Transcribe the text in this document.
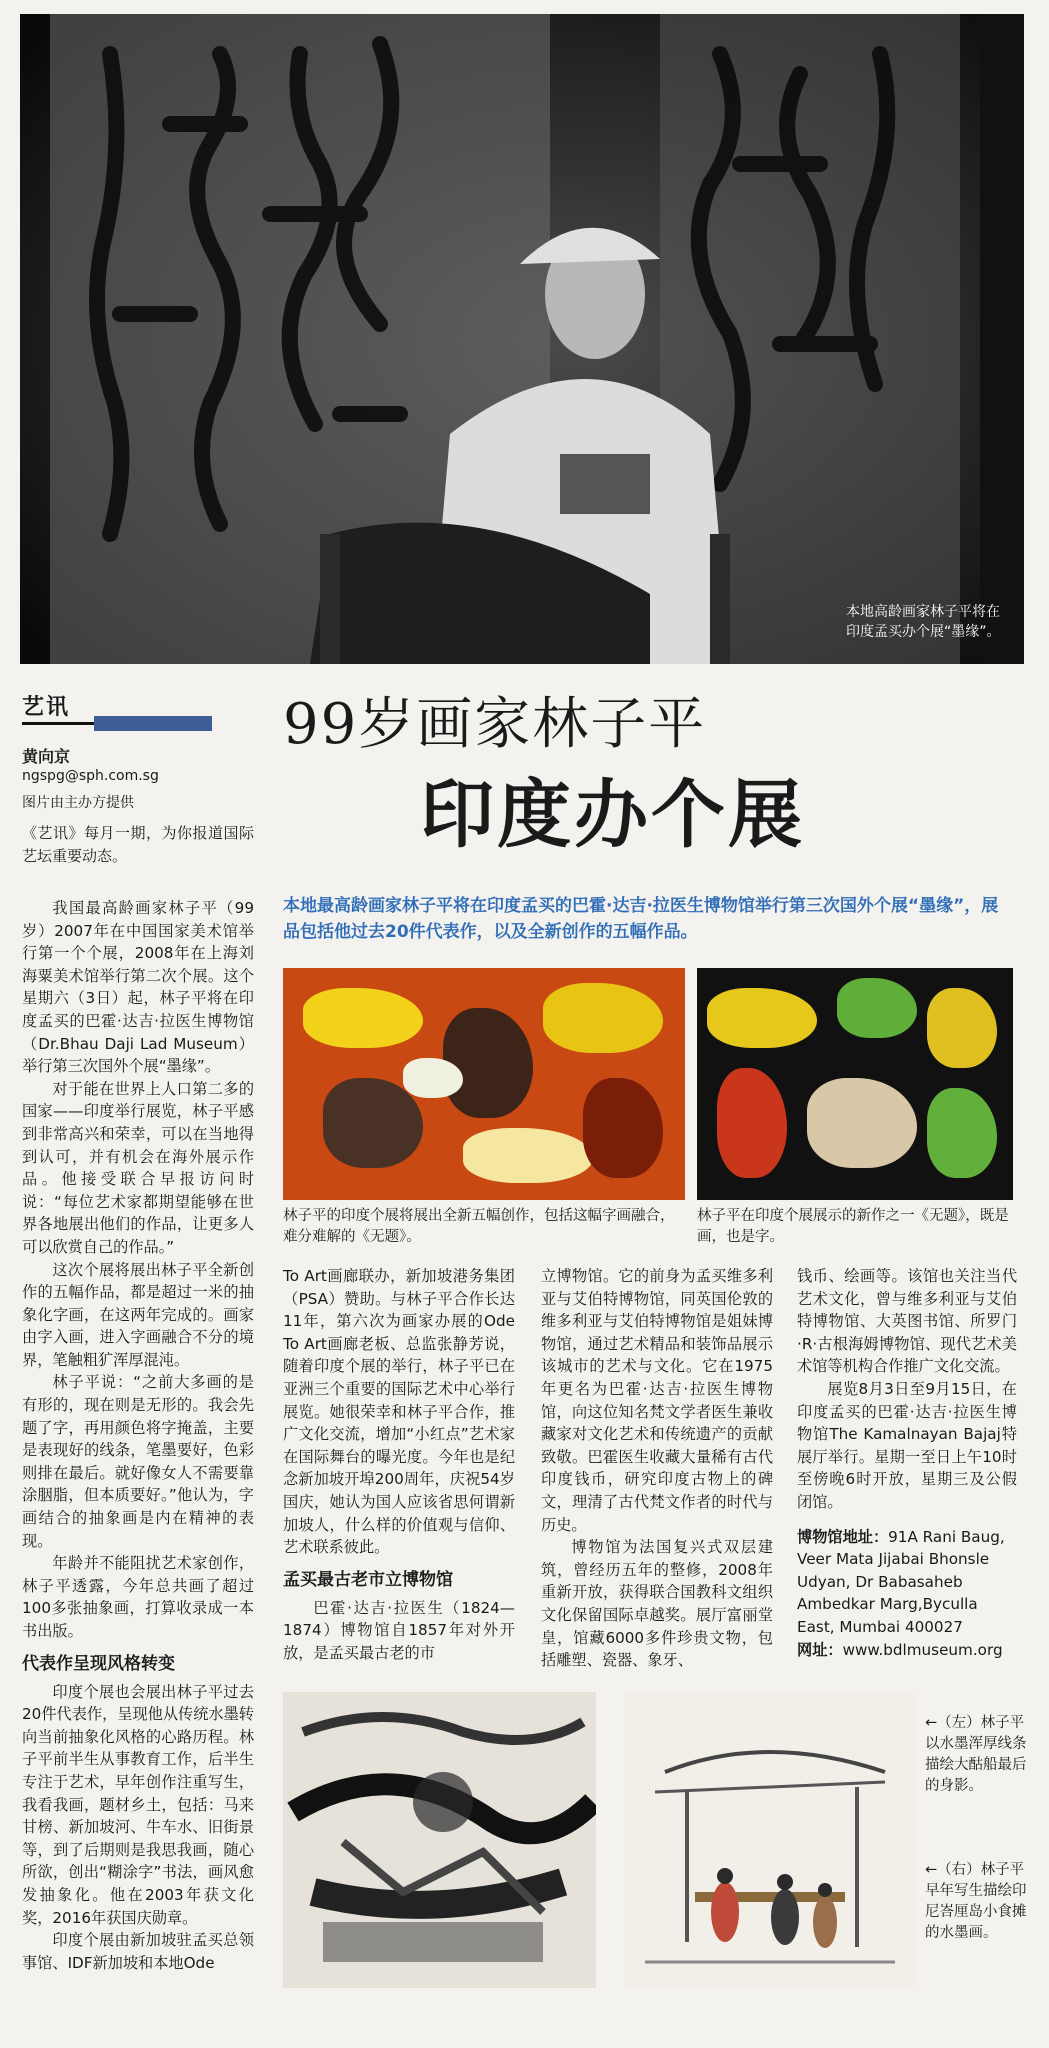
本地高龄画家林子平将在印度孟买办个展“墨缘”。
艺讯
黄向京
ngspg@sph.com.sg
图片由主办方提供
《艺讯》每月一期，为你报道国际艺坛重要动态。
99岁画家林子平
印度办个展
本地最高龄画家林子平将在印度孟买的巴霍·达吉·拉医生博物馆举行第三次国外个展“墨缘”，展品包括他过去20件代表作，以及全新创作的五幅作品。

我国最高龄画家林子平（99岁）2007年在中国国家美术馆举行第一个个展，2008年在上海刘海粟美术馆举行第二次个展。这个星期六（3日）起，林子平将在印度孟买的巴霍·达吉·拉医生博物馆（Dr.Bhau Daji Lad Museum）举行第三次国外个展“墨缘”。

对于能在世界上人口第二多的国家——印度举行展览，林子平感到非常高兴和荣幸，可以在当地得到认可，并有机会在海外展示作品。他接受联合早报访问时说：“每位艺术家都期望能够在世界各地展出他们的作品，让更多人可以欣赏自己的作品。”

这次个展将展出林子平全新创作的五幅作品，都是超过一米的抽象化字画，在这两年完成的。画家由字入画，进入字画融合不分的境界，笔触粗犷浑厚混沌。

林子平说：“之前大多画的是有形的，现在则是无形的。我会先题了字，再用颜色将字掩盖，主要是表现好的线条，笔墨要好，色彩则排在最后。就好像女人不需要靠涂胭脂，但本质要好。”他认为，字画结合的抽象画是内在精神的表现。

年龄并不能阻扰艺术家创作，林子平透露，今年总共画了超过100多张抽象画，打算收录成一本书出版。

代表作呈现风格转变

印度个展也会展出林子平过去20件代表作，呈现他从传统水墨转向当前抽象化风格的心路历程。林子平前半生从事教育工作，后半生专注于艺术，早年创作注重写生，我看我画，题材乡土，包括：马来甘榜、新加坡河、牛车水、旧街景等，到了后期则是我思我画，随心所欲，创出“糊涂字”书法，画风愈发抽象化。他在2003年获文化奖，2016年获国庆勋章。

印度个展由新加坡驻孟买总领事馆、IDF新加坡和本地Ode

林子平的印度个展将展出全新五幅创作，包括这幅字画融合，难分难解的《无题》。
林子平在印度个展展示的新作之一《无题》，既是画，也是字。

To Art画廊联办，新加坡港务集团（PSA）赞助。与林子平合作长达11年，第六次为画家办展的Ode To Art画廊老板、总监张静芳说，随着印度个展的举行，林子平已在亚洲三个重要的国际艺术中心举行展览。她很荣幸和林子平合作，推广文化交流，增加“小红点”艺术家在国际舞台的曝光度。今年也是纪念新加坡开埠200周年，庆祝54岁国庆，她认为国人应该省思何谓新加坡人，什么样的价值观与信仰、艺术联系彼此。

孟买最古老市立博物馆

巴霍·达吉·拉医生（1824—1874）博物馆自1857年对外开放，是孟买最古老的市

立博物馆。它的前身为孟买维多利亚与艾伯特博物馆，同英国伦敦的维多利亚与艾伯特博物馆是姐妹博物馆，通过艺术精品和装饰品展示该城市的艺术与文化。它在1975年更名为巴霍·达吉·拉医生博物馆，向这位知名梵文学者医生兼收藏家对文化艺术和传统遗产的贡献致敬。巴霍医生收藏大量稀有古代印度钱币，研究印度古物上的碑文，理清了古代梵文作者的时代与历史。

博物馆为法国复兴式双层建筑，曾经历五年的整修，2008年重新开放，获得联合国教科文组织文化保留国际卓越奖。展厅富丽堂皇，馆藏6000多件珍贵文物，包括雕塑、瓷器、象牙、

钱币、绘画等。该馆也关注当代艺术文化，曾与维多利亚与艾伯特博物馆、大英图书馆、所罗门·R·古根海姆博物馆、现代艺术美术馆等机构合作推广文化交流。

展览8月3日至9月15日，在印度孟买的巴霍·达吉·拉医生博物馆The Kamalnayan Bajaj特展厅举行。星期一至日上午10时至傍晚6时开放，星期三及公假闭馆。

博物馆地址：91A Rani Baug, Veer Mata Jijabai Bhonsle Udyan, Dr Babasaheb Ambedkar Marg,Byculla East, Mumbai 400027
网址：www.bdlmuseum.org
←（左）林子平以水墨浑厚线条描绘大酤船最后的身影。
←（右）林子平早年写生描绘印尼峇厘岛小食摊的水墨画。
